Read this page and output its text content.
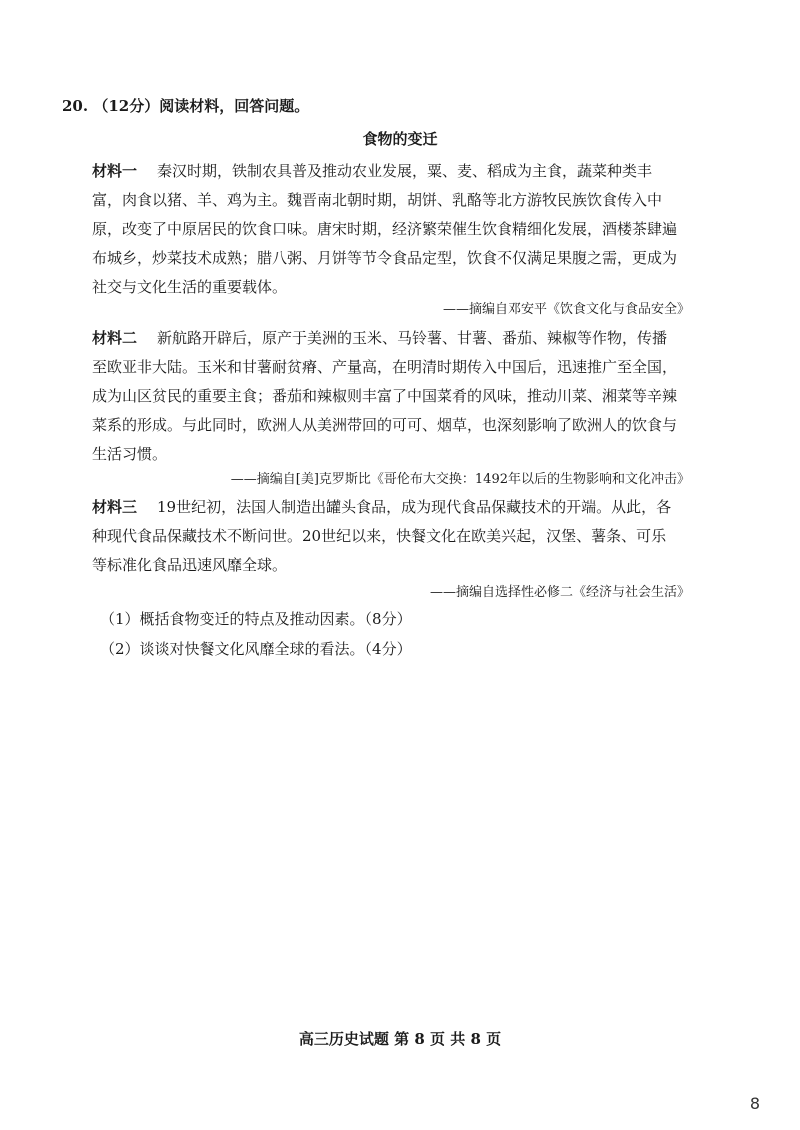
20. （12分）阅读材料，回答问题。
食物的变迁
材料一 秦汉时期，铁制农具普及推动农业发展，粟、麦、稻成为主食，蔬菜种类丰富，肉食以猪、羊、鸡为主。魏晋南北朝时期，胡饼、乳酪等北方游牧民族饮食传入中原，改变了中原居民的饮食口味。唐宋时期，经济繁荣催生饮食精细化发展，酒楼茶肆遍布城乡，炒菜技术成熟；腊八粥、月饼等节令食品定型，饮食不仅满足果腹之需，更成为社交与文化生活的重要载体。
——摘编自邓安平《饮食文化与食品安全》
材料二 新航路开辟后，原产于美洲的玉米、马铃薯、甘薯、番茄、辣椒等作物，传播至欧亚非大陆。玉米和甘薯耐贫瘠、产量高，在明清时期传入中国后，迅速推广至全国，成为山区贫民的重要主食；番茄和辣椒则丰富了中国菜肴的风味，推动川菜、湘菜等辛辣菜系的形成。与此同时，欧洲人从美洲带回的可可、烟草，也深刻影响了欧洲人的饮食与生活习惯。
——摘编自[美]克罗斯比《哥伦布大交换：1492年以后的生物影响和文化冲击》
材料三 19世纪初，法国人制造出罐头食品，成为现代食品保藏技术的开端。从此，各种现代食品保藏技术不断问世。20世纪以来，快餐文化在欧美兴起，汉堡、薯条、可乐等标准化食品迅速风靡全球。
——摘编自选择性必修二《经济与社会生活》
（1）概括食物变迁的特点及推动因素。（8分）
（2）谈谈对快餐文化风靡全球的看法。（4分）
高三历史试题 第 8 页 共 8 页
8
